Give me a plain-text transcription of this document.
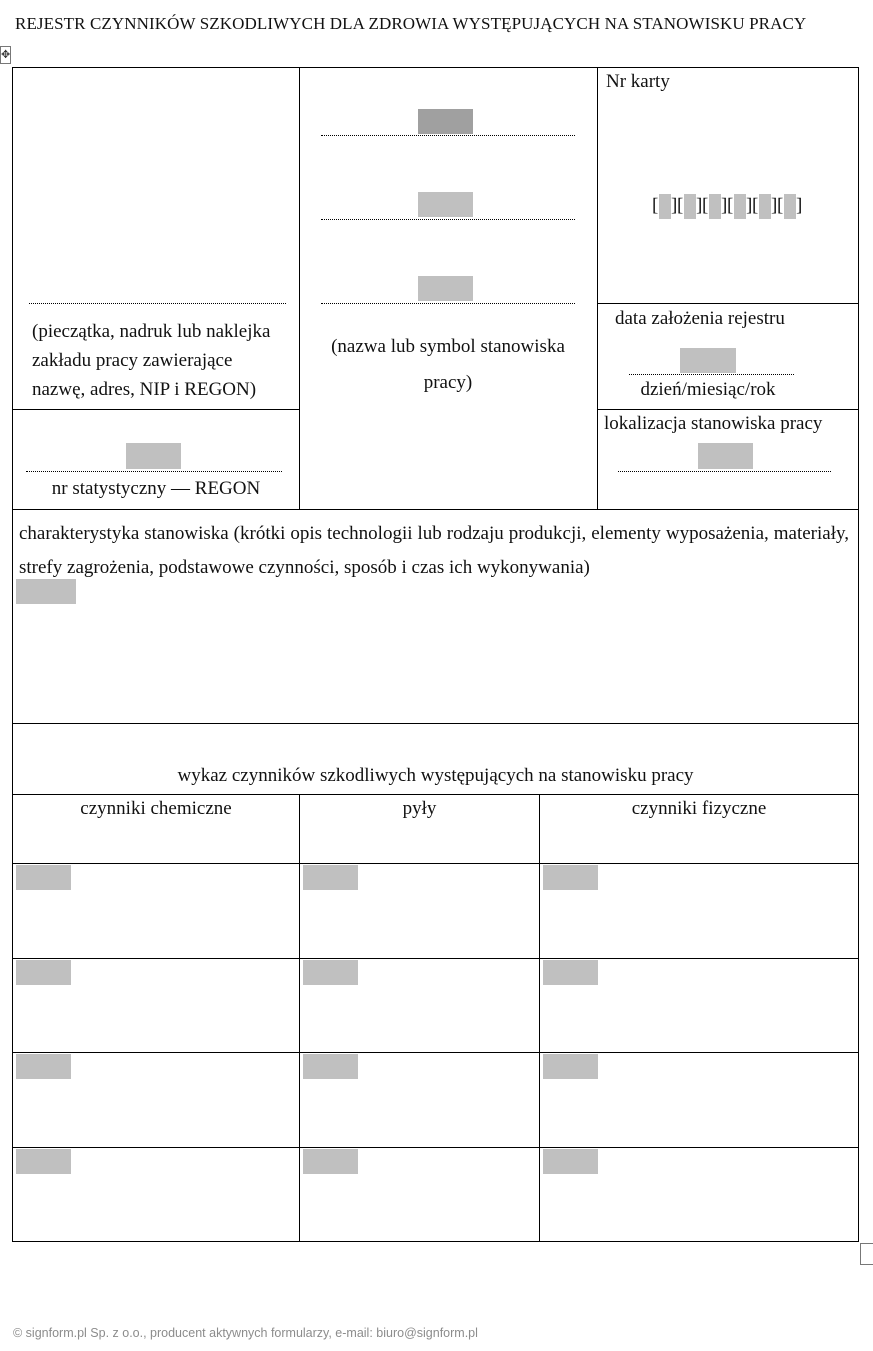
REJESTR CZYNNIKÓW SZKODLIWYCH DLA ZDROWIA WYSTĘPUJĄCYCH NA STANOWISKU PRACY
✥
(pieczątka, nadruk lub naklejka zakładu pracy zawierające nazwę, adres, NIP i REGON)
nr statystyczny — REGON
(nazwa lub symbol stanowiska pracy)
Nr karty
[ ] [ ] [ ] [ ] [ ] [ ]
data założenia rejestru
dzień/miesiąc/rok
lokalizacja stanowiska pracy
charakterystyka stanowiska (krótki opis technologii lub rodzaju produkcji, elementy wyposażenia, materiały, strefy zagrożenia, podstawowe czynności, sposób i czas ich wykonywania)
wykaz czynników szkodliwych występujących na stanowisku pracy
czynniki chemiczne	pyły	czynniki fizyczne
© signform.pl Sp. z o.o., producent aktywnych formularzy, e-mail: biuro@signform.pl
